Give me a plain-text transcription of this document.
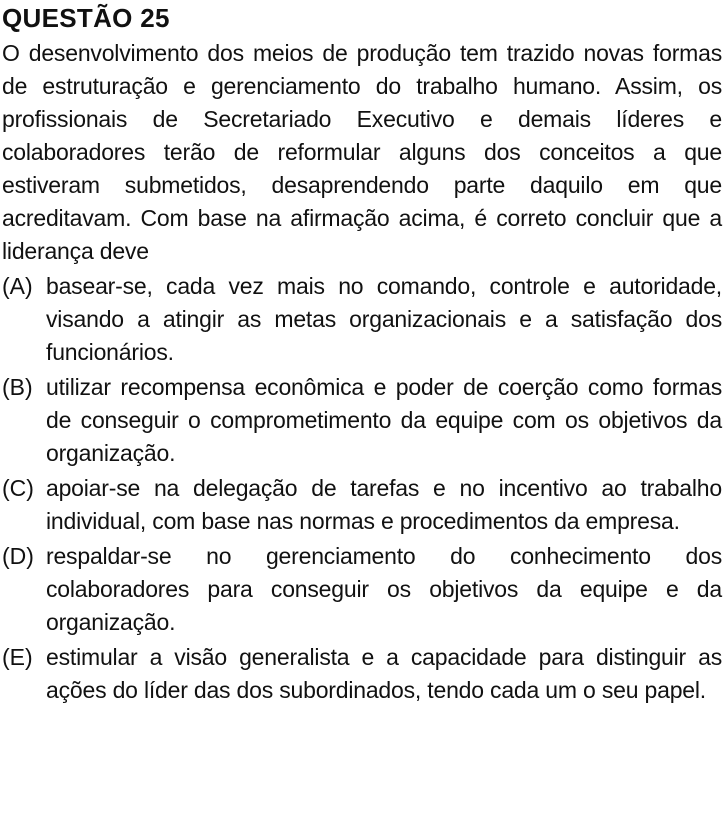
QUESTÃO 25

O desenvolvimento dos meios de produção tem trazido novas formas de estruturação e gerenciamento do trabalho humano. Assim, os profissionais de Secretariado Executivo e demais líderes e colaboradores terão de reformular alguns dos conceitos a que estiveram submetidos, desaprendendo parte daquilo em que acreditavam. Com base na afirmação acima, é correto concluir que a liderança deve

(A) basear-se, cada vez mais no comando, controle e autoridade, visando a atingir as metas organizacionais e a satisfação dos funcionários.
(B) utilizar recompensa econômica e poder de coerção como formas de conseguir o comprometimento da equipe com os objetivos da organização.
(C) apoiar-se na delegação de tarefas e no incentivo ao trabalho individual, com base nas normas e procedimentos da empresa.
(D) respaldar-se no gerenciamento do conhecimento dos colaboradores para conseguir os objetivos da equipe e da organização.
(E) estimular a visão generalista e a capacidade para distinguir as ações do líder das dos subordinados, tendo cada um o seu papel.
